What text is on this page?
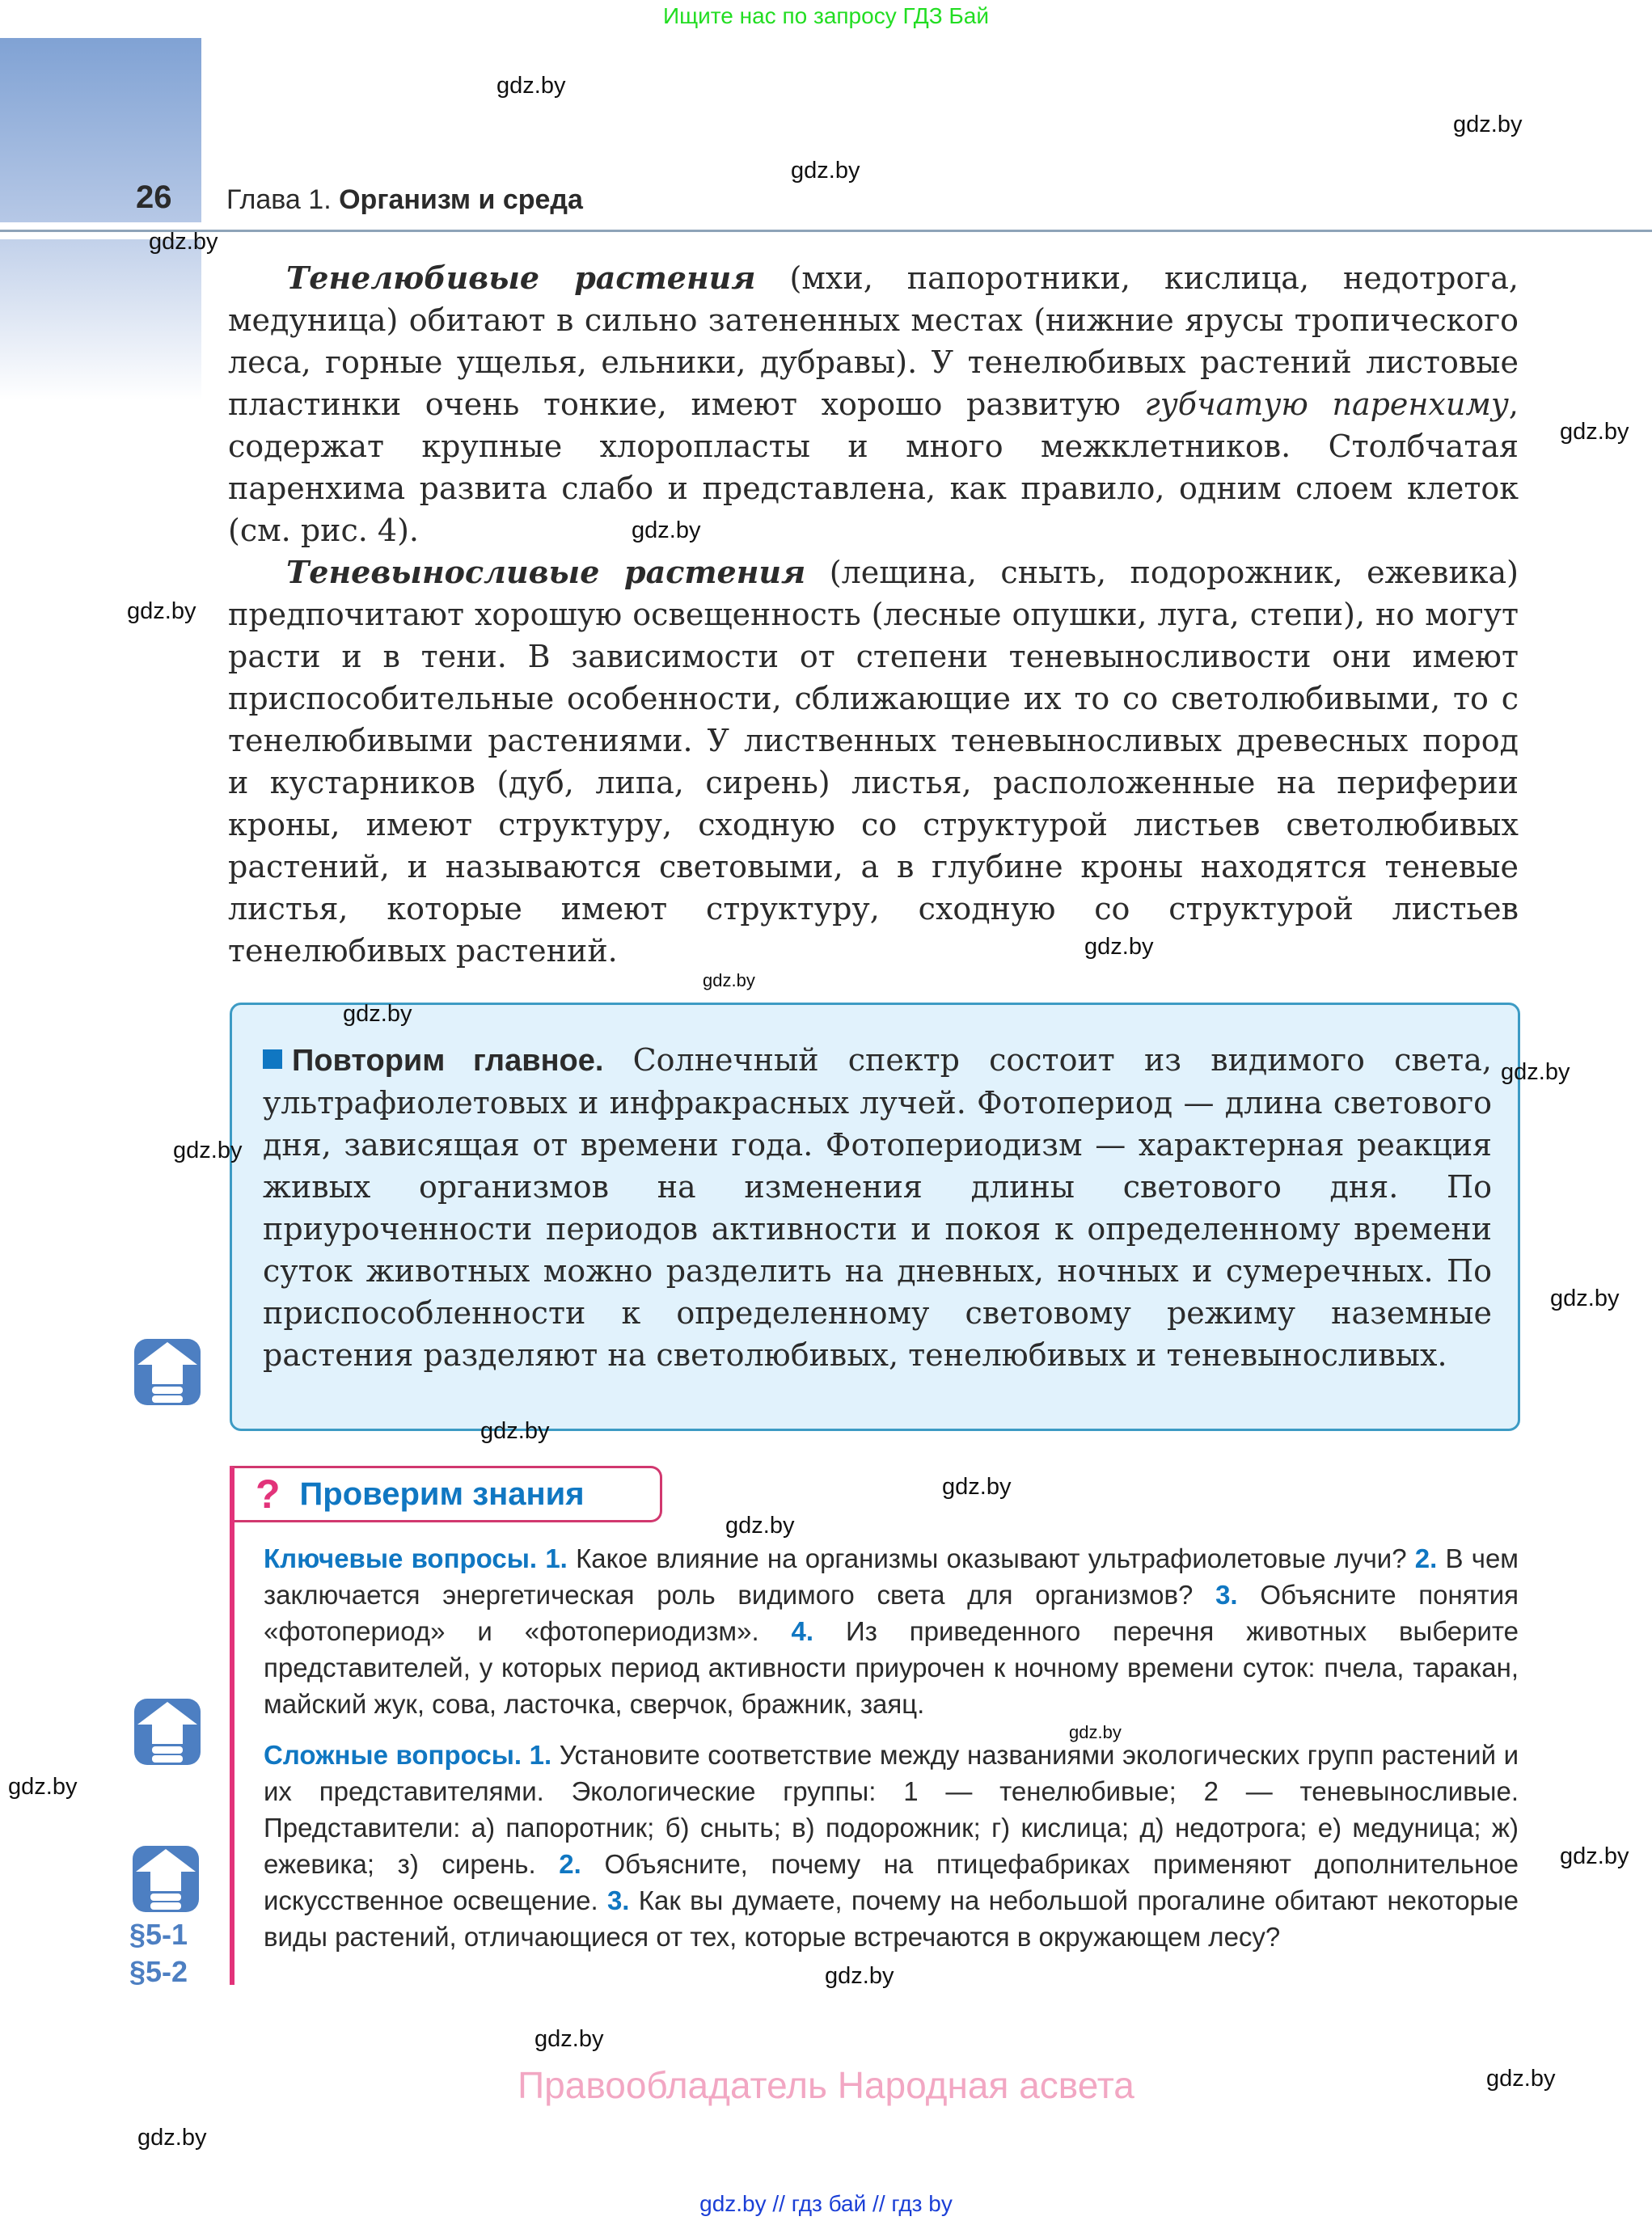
Ищите нас по запросу ГДЗ Бай
26 Глава 1. Организм и среда

Тенелюбивые растения (мхи, папоротники, кислица, недотрога, медуница) обитают в сильно затененных местах (нижние ярусы тропического леса, горные ущелья, ельники, дубравы). У тенелюбивых растений листовые пластинки очень тонкие, имеют хорошо развитую губчатую паренхиму, содержат крупные хлоропласты и много межклетников. Столбчатая паренхима развита слабо и представлена, как правило, одним слоем клеток (см. рис. 4).

Теневыносливые растения (лещина, сныть, подорожник, ежевика) предпочитают хорошую освещенность (лесные опушки, луга, степи), но могут расти и в тени. В зависимости от степени теневыносливости они имеют приспособительные особенности, сближающие их то со светолюбивыми, то с тенелюбивыми растениями. У лиственных теневыносливых древесных пород и кустарников (дуб, липа, сирень) листья, расположенные на периферии кроны, имеют структуру, сходную со структурой листьев светолюбивых растений, и называются световыми, а в глубине кроны находятся теневые листья, которые имеют структуру, сходную со структурой листьев тенелюбивых растений.

Повторим главное. Солнечный спектр состоит из видимого света, ультрафиолетовых и инфракрасных лучей. Фотопериод — длина светового дня, зависящая от времени года. Фотопериодизм — характерная реакция живых организмов на изменения длины светового дня. По приуроченности периодов активности и покоя к определенному времени суток животных можно разделить на дневных, ночных и сумеречных. По приспособленности к определенному световому режиму наземные растения разделяют на светолюбивых, тенелюбивых и теневыносливых.
§5-1
§5-2
? Проверим знания
Ключевые вопросы. 1. Какое влияние на организмы оказывают ультрафиолетовые лучи? 2. В чем заключается энергетическая роль видимого света для организмов? 3. Объясните понятия «фотопериод» и «фотопериодизм». 4. Из приведенного перечня животных выберите представителей, у которых период активности приурочен к ночному времени суток: пчела, таракан, майский жук, сова, ласточка, сверчок, бражник, заяц.
Сложные вопросы. 1. Установите соответствие между названиями экологических групп растений и их представителями. Экологические группы: 1 — тенелюбивые; 2 — теневыносливые. Представители: а) папоротник; б) сныть; в) подорожник; г) кислица; д) недотрога; е) медуница; ж) ежевика; з) сирень. 2. Объясните, почему на птицефабриках применяют дополнительное искусственное освещение. 3. Как вы думаете, почему на небольшой прогалине обитают некоторые виды растений, отличающиеся от тех, которые встречаются в окружающем лесу?
Правообладатель Народная асвета
gdz.by // гдз бай // гдз by
gdz.by
gdz.by
gdz.by
gdz.by
gdz.by
gdz.by
gdz.by
gdz.by
gdz.by
gdz.by
gdz.by
gdz.by
gdz.by
gdz.by
gdz.by
gdz.by
gdz.by
gdz.by
gdz.by
gdz.by
gdz.by
gdz.by
gdz.by
